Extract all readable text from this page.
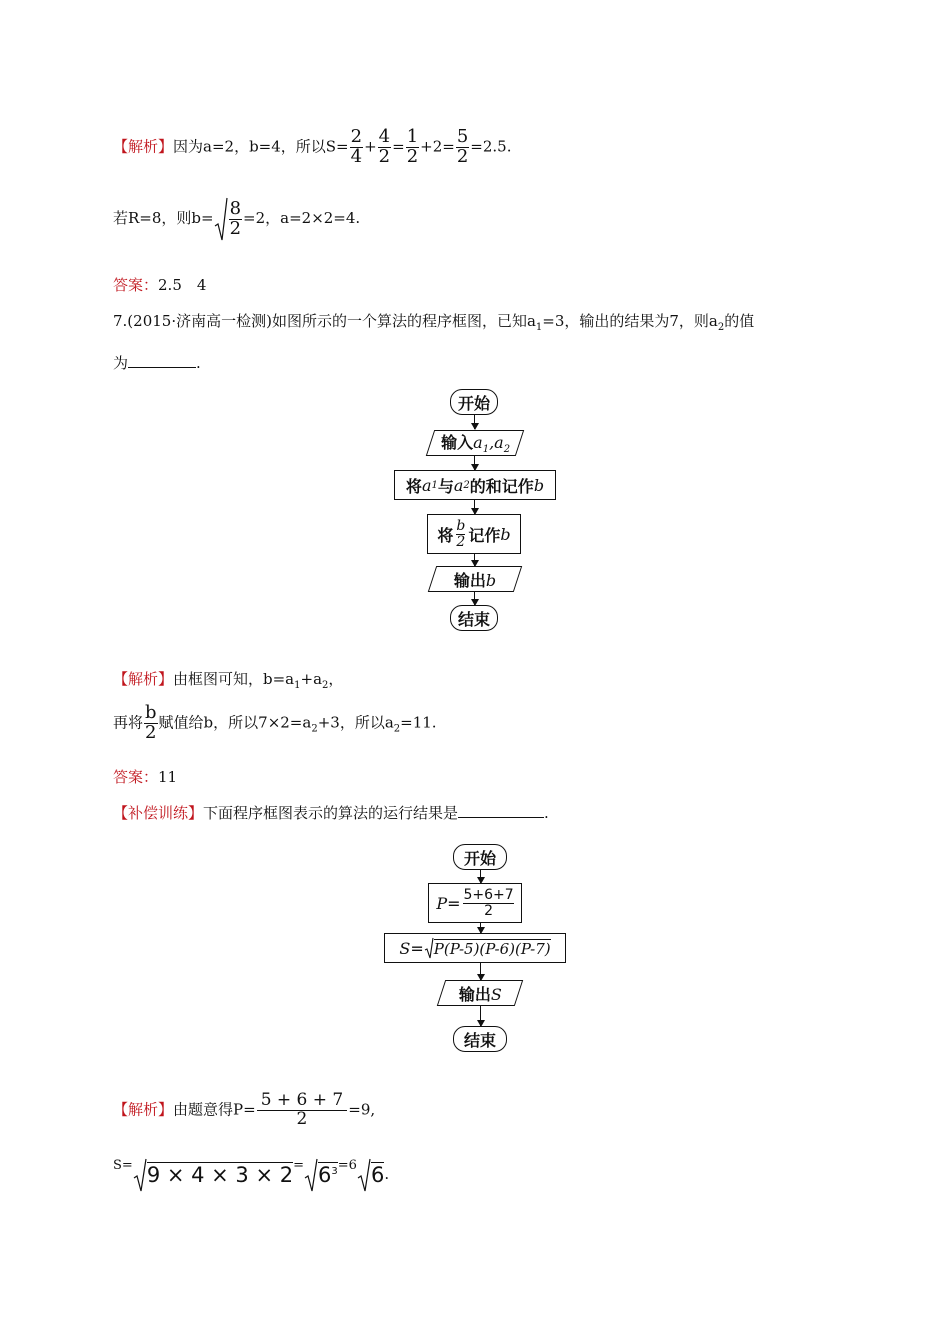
【解析】因为a=2，b=4，所以$S= \frac{2}{4} + \frac{4}{2} = \frac{1}{2} +2= \frac{5}{2} =2.5$.
若R=8，则$b= \frac{8}{2} =2$，a=2×2=4.
答案：2.5　4
7.(2015·济南高一检测)如图所示的一个算法的程序框图，已知$a_1=3$，输出的结果为7，则$a_2$的值
为	.
开始
输入$a_1,a_2$
将 a 1 与 a 2 的和记作 b
将 b
2 记作 b
输出b
结束
【解析】由框图可知，$b=a_1+a_2$，
再将 $\frac{b}{2}$ 赋值给b，所以$7\times 2=a_2+3$，所以$a_2=11$.
答案：11
【补偿训练】下面程序框图表示的算法的运行结果是	.
开始
$P = \frac{5+6+7}{2}$
S = P(P-5)(P-6)(P-7)
输出S
结束
【解析】由题意得$P= \frac{5 + 6 + 7}{2} =9$,
$S= 9 \times 4 \times 3 \times 2= 6^3=6$ 6.
